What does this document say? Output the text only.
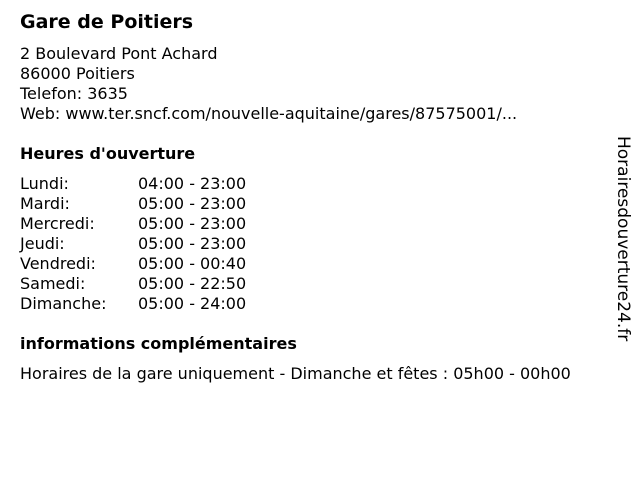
Gare de Poitiers
2 Boulevard Pont Achard
86000 Poitiers
Telefon: 3635
Web: www.ter.sncf.com/nouvelle-aquitaine/gares/87575001/...
Heures d'ouverture
Lundi:	04:00 - 23:00
Mardi:	05:00 - 23:00
Mercredi:	05:00 - 23:00
Jeudi:	05:00 - 23:00
Vendredi:	05:00 - 00:40
Samedi:	05:00 - 22:50
Dimanche: 05:00 - 24:00
informations complémentaires
Horaires de la gare uniquement - Dimanche et fêtes : 05h00 - 00h00
Horairesdouverture24.fr
